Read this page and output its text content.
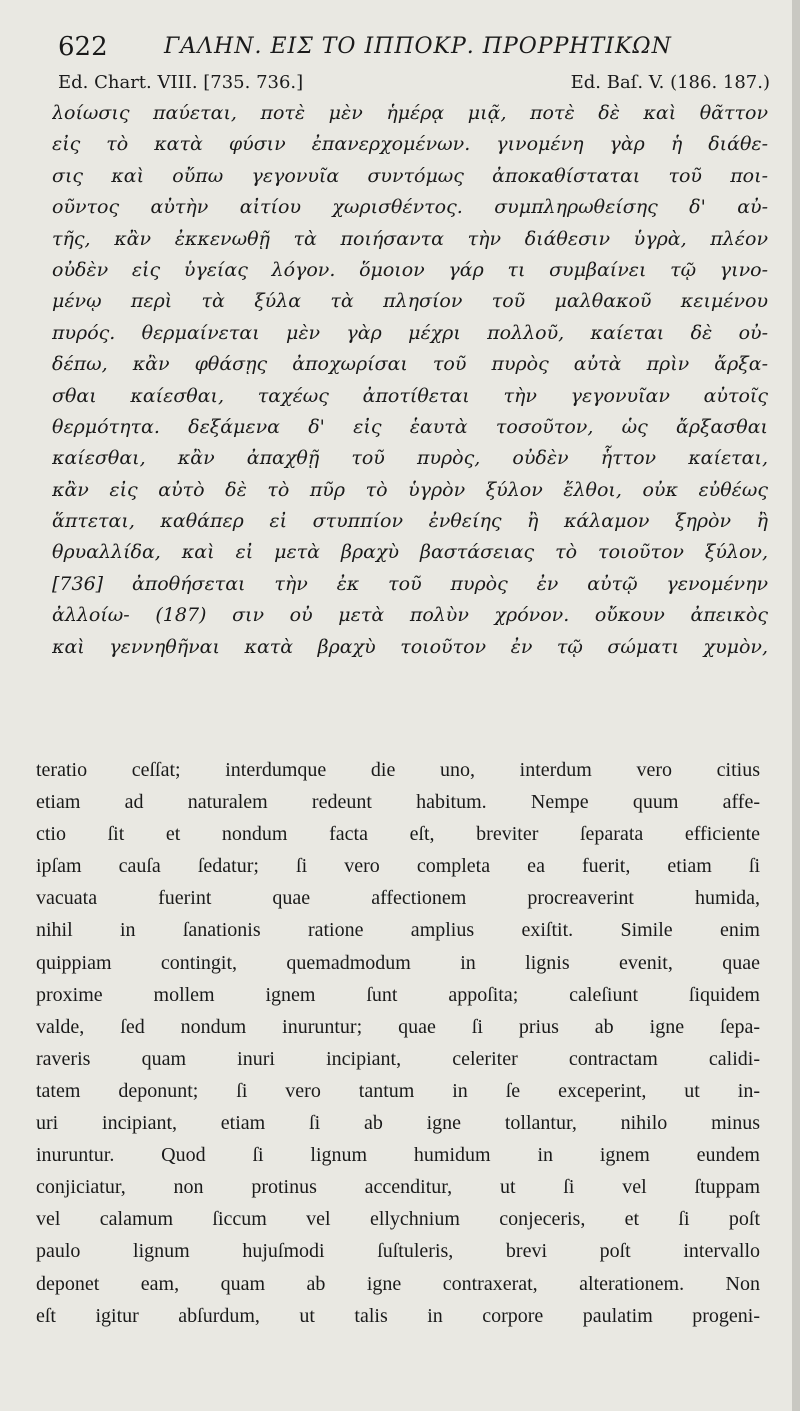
622	ΓΑΛΗΝ. ΕΙΣ ΤΟ ΙΠΠΟΚΡ. ΠΡΟΡΡΗΤΙΚΩΝ
Ed. Chart. VIII. [735. 736.]	Ed. Baſ. V. (186. 187.)
λοίωσις παύεται, ποτὲ μὲν ἡμέρᾳ μιᾷ, ποτὲ δὲ καὶ θᾶττον
εἰς τὸ κατὰ φύσιν ἐπανερχομένων. γινομένη γὰρ ἡ διάθε-
σις καὶ οὔπω γεγονυῖα συντόμως ἀποκαθίσταται τοῦ ποι-
οῦντος αὐτὴν αἰτίου χωρισθέντος. συμπληρωθείσης δ' αὐ-
τῆς, κἂν ἐκκενωθῇ τὰ ποιήσαντα τὴν διάθεσιν ὑγρὰ, πλέον
οὐδὲν εἰς ὑγείας λόγον. ὅμοιον γάρ τι συμβαίνει τῷ γινο-
μένῳ περὶ τὰ ξύλα τὰ πλησίον τοῦ μαλθακοῦ κειμένου
πυρός. θερμαίνεται μὲν γὰρ μέχρι πολλοῦ, καίεται δὲ οὐ-
δέπω, κἂν φθάσῃς ἀποχωρίσαι τοῦ πυρὸς αὐτὰ πρὶν ἄρξα-
σθαι καίεσθαι, ταχέως ἀποτίθεται τὴν γεγονυῖαν αὐτοῖς
θερμότητα. δεξάμενα δ' εἰς ἑαυτὰ τοσοῦτον, ὡς ἄρξασθαι
καίεσθαι, κἂν ἀπαχθῇ τοῦ πυρὸς, οὐδὲν ἧττον καίεται,
κἂν εἰς αὐτὸ δὲ τὸ πῦρ τὸ ὑγρὸν ξύλον ἔλθοι, οὐκ εὐθέως
ἅπτεται, καθάπερ εἰ στυππίον ἐνθείης ἢ κάλαμον ξηρὸν ἢ
θρυαλλίδα, καὶ εἰ μετὰ βραχὺ βαστάσειας τὸ τοιοῦτον ξύλον,
[736] ἀποθήσεται τὴν ἐκ τοῦ πυρὸς ἐν αὐτῷ γενομένην
ἀλλοίω- (187) σιν οὐ μετὰ πολὺν χρόνον. οὔκουν ἀπεικὸς
καὶ γεννηθῆναι κατὰ βραχὺ τοιοῦτον ἐν τῷ σώματι χυμὸν,
teratio ceſſat; interdumque die uno, interdum vero citius
etiam ad naturalem redeunt habitum. Nempe quum affe-
ctio ſit et nondum facta eſt, breviter ſeparata efficiente
ipſam cauſa ſedatur; ſi vero completa ea fuerit, etiam ſi
vacuata fuerint quae affectionem procreaverint humida,
nihil in ſanationis ratione amplius exiſtit. Simile enim
quippiam contingit, quemadmodum in lignis evenit, quae
proxime mollem ignem ſunt appoſita; caleſiunt ſiquidem
valde, ſed nondum inuruntur; quae ſi prius ab igne ſepa-
raveris quam inuri incipiant, celeriter contractam calidi-
tatem deponunt; ſi vero tantum in ſe exceperint, ut in-
uri incipiant, etiam ſi ab igne tollantur, nihilo minus
inuruntur. Quod ſi lignum humidum in ignem eundem
conjiciatur, non protinus accenditur, ut ſi vel ſtuppam
vel calamum ſiccum vel ellychnium conjeceris, et ſi poſt
paulo lignum hujuſmodi ſuſtuleris, brevi poſt intervallo
deponet eam, quam ab igne contraxerat, alterationem. Non
eſt igitur abſurdum, ut talis in corpore paulatim progeni-
